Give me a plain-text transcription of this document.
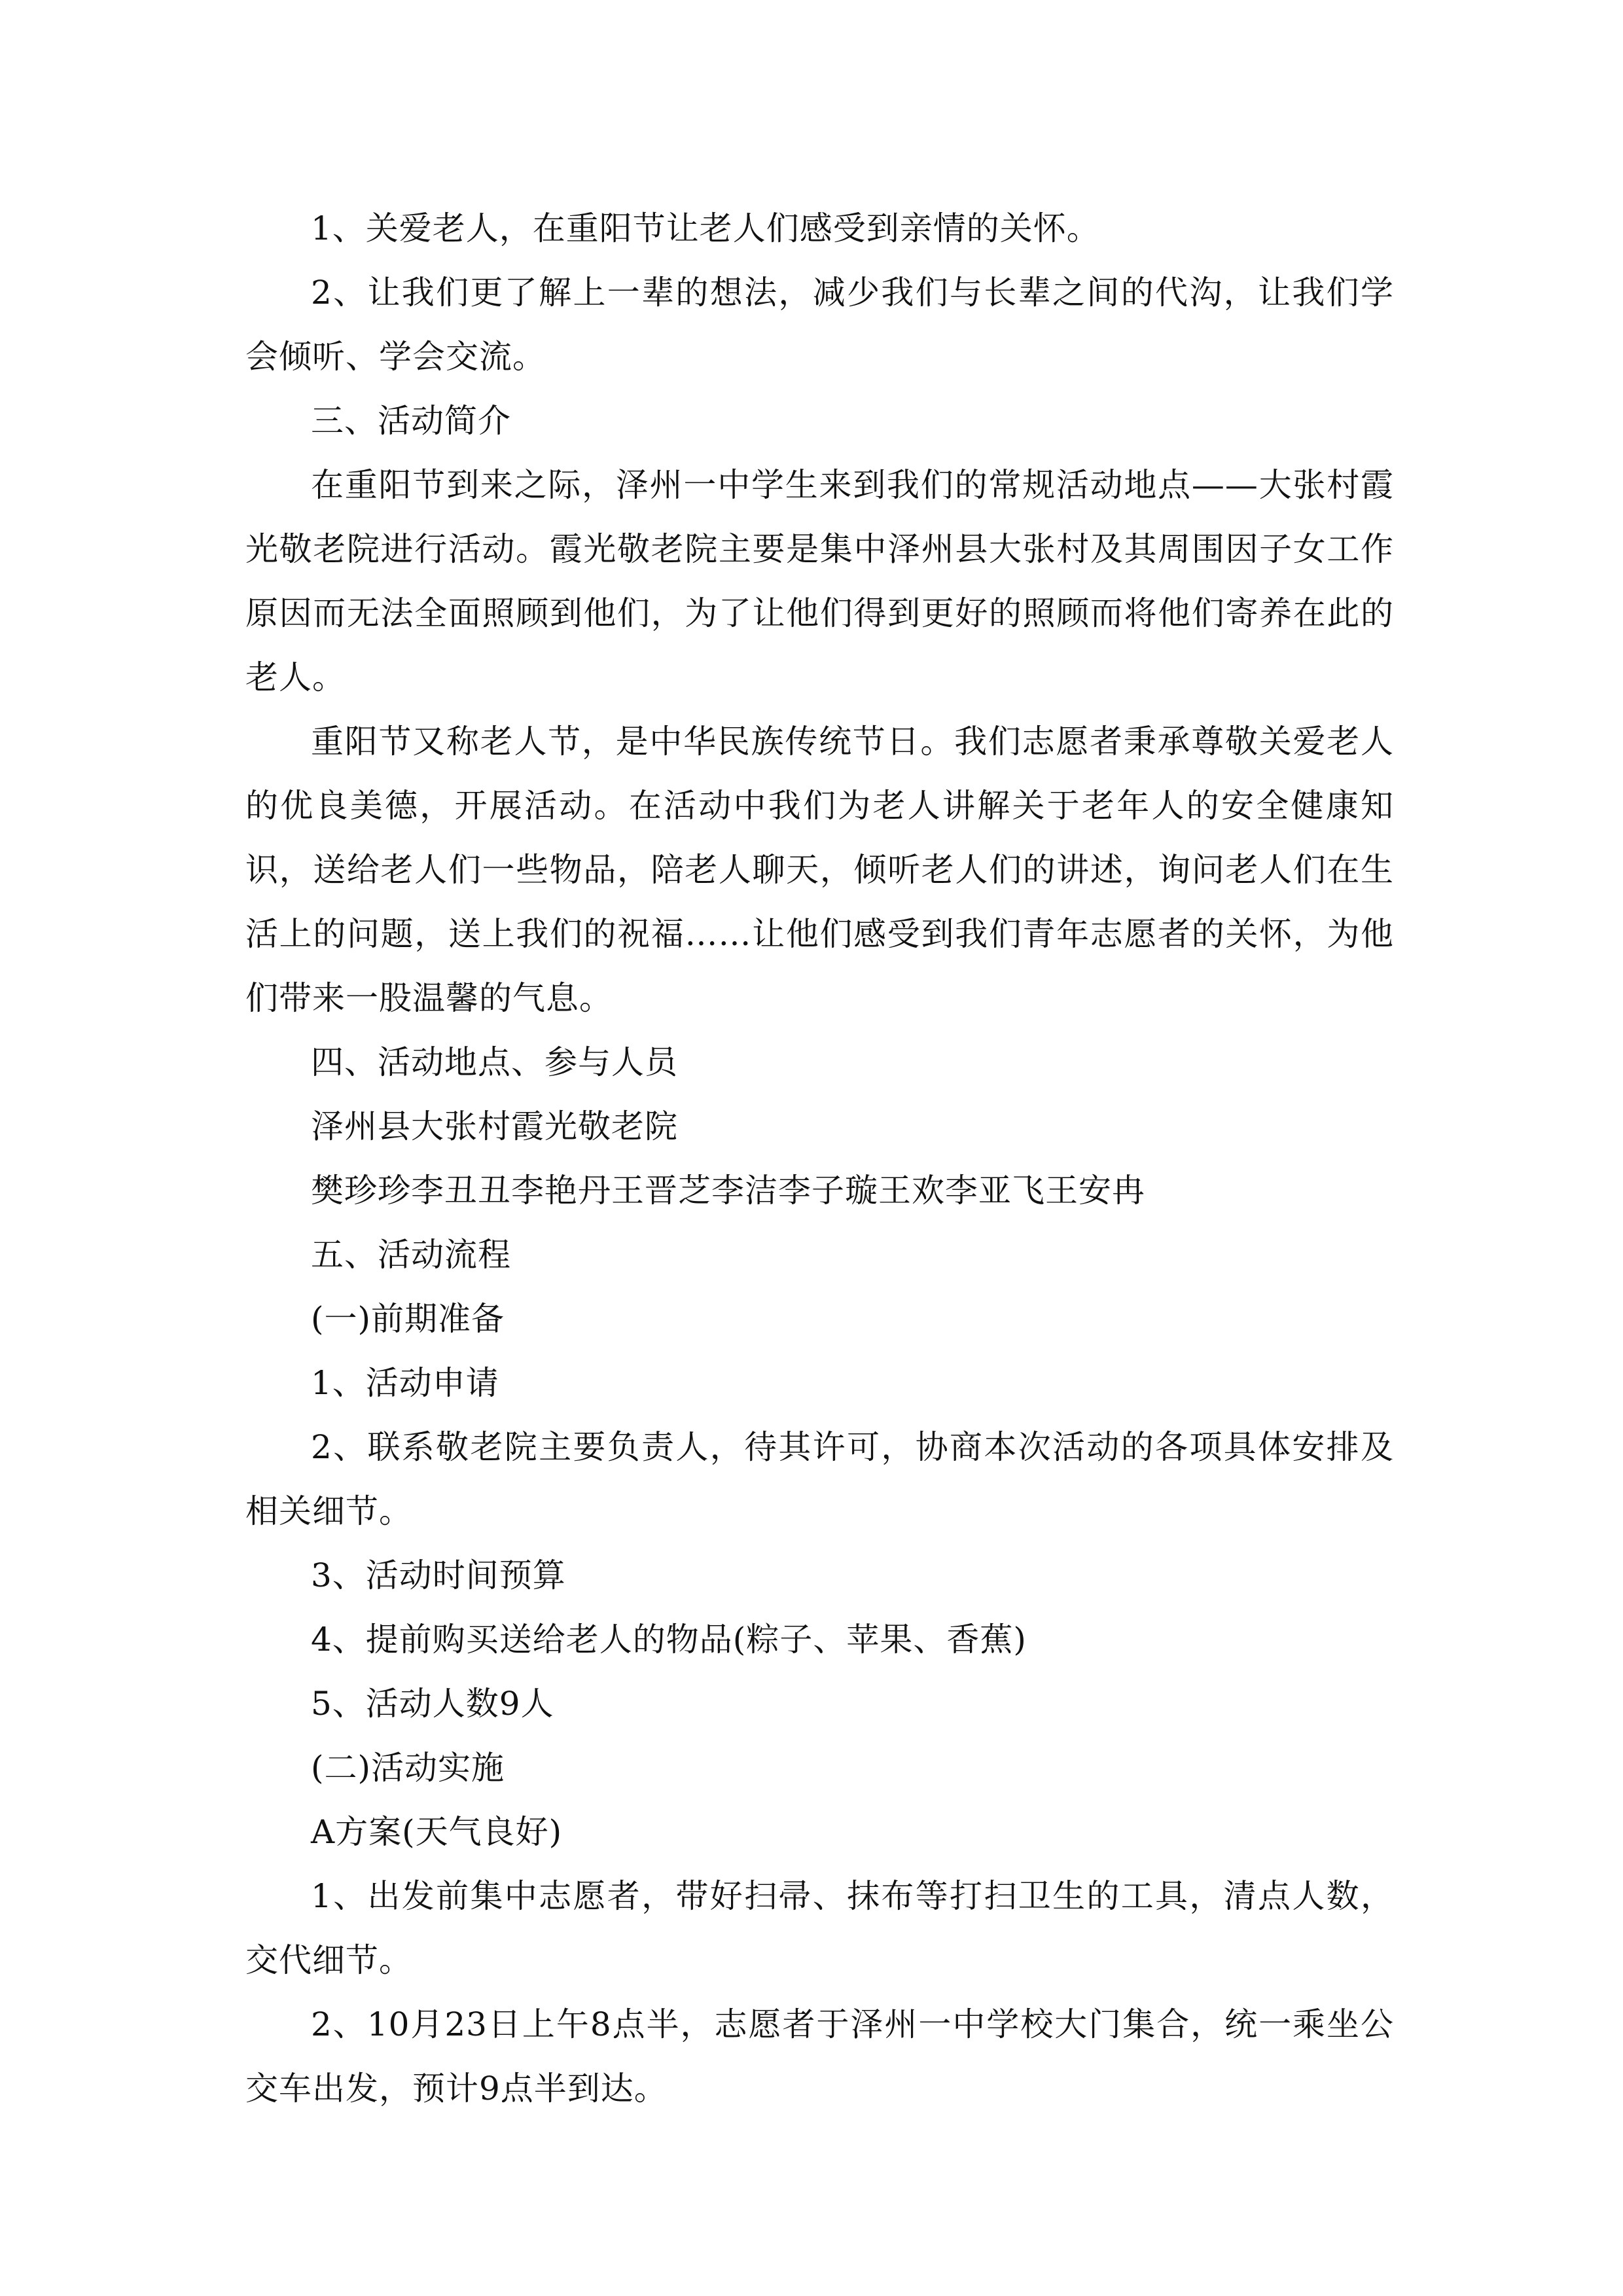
1、关爱老人，在重阳节让老人们感受到亲情的关怀。

2、让我们更了解上一辈的想法，减少我们与长辈之间的代沟，让我们学会倾听、学会交流。

三、活动简介

在重阳节到来之际，泽州一中学生来到我们的常规活动地点——大张村霞光敬老院进行活动。霞光敬老院主要是集中泽州县大张村及其周围因子女工作原因而无法全面照顾到他们，为了让他们得到更好的照顾而将他们寄养在此的老人。

重阳节又称老人节，是中华民族传统节日。我们志愿者秉承尊敬关爱老人的优良美德，开展活动。在活动中我们为老人讲解关于老年人的安全健康知识，送给老人们一些物品，陪老人聊天，倾听老人们的讲述，询问老人们在生活上的问题，送上我们的祝福……让他们感受到我们青年志愿者的关怀，为他们带来一股温馨的气息。

四、活动地点、参与人员

泽州县大张村霞光敬老院

樊珍珍李丑丑李艳丹王晋芝李洁李子璇王欢李亚飞王安冉

五、活动流程

(一)前期准备

1、活动申请

2、联系敬老院主要负责人，待其许可，协商本次活动的各项具体安排及相关细节。

3、活动时间预算

4、提前购买送给老人的物品(粽子、苹果、香蕉)

5、活动人数9人

(二)活动实施

A方案(天气良好)

1、出发前集中志愿者，带好扫帚、抹布等打扫卫生的工具，清点人数，交代细节。

2、10月23日上午8点半，志愿者于泽州一中学校大门集合，统一乘坐公交车出发，预计9点半到达。
